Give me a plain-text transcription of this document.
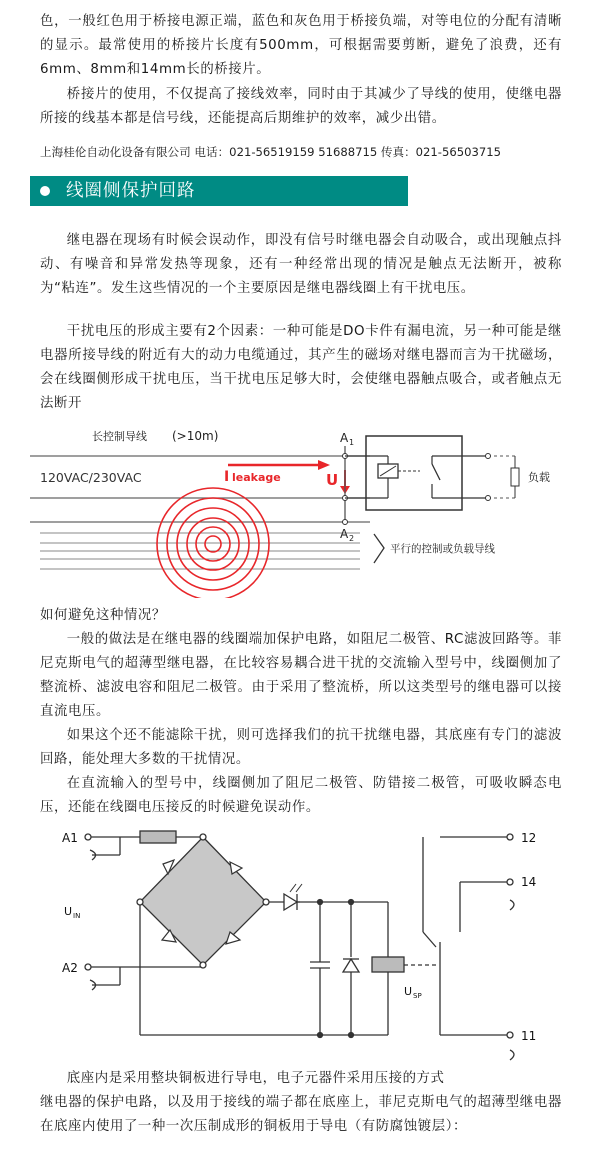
色，一般红色用于桥接电源正端，蓝色和灰色用于桥接负端，对等电位的分配有清晰的显示。最常使用的桥接片长度有500mm，可根据需要剪断，避免了浪费，还有6mm、8mm和14mm长的桥接片。

桥接片的使用，不仅提高了接线效率，同时由于其减少了导线的使用，使继电器所接的线基本都是信号线，还能提高后期维护的效率，减少出错。

上海桂伦自动化设备有限公司 电话：021-56519159 51688715 传真：021-56503715
线圈侧保护回路

继电器在现场有时候会误动作，即没有信号时继电器会自动吸合，或出现触点抖动、有噪音和异常发热等现象，还有一种经常出现的情况是触点无法断开，被称为“粘连”。发生这些情况的一个主要原因是继电器线圈上有干扰电压。

干扰电压的形成主要有2个因素：一种可能是DO卡件有漏电流，另一种可能是继电器所接导线的附近有大的动力电缆通过，其产生的磁场对继电器而言为干扰磁场，会在线圈侧形成干扰电压，当干扰电压足够大时，会使继电器触点吸合，或者触点无法断开

长控制导线 (>10m)
120VAC/230VAC
平行的控制或负载导线
I leakage	U
A 1
A 2
负载

如何避免这种情况？

一般的做法是在继电器的线圈端加保护电路，如阻尼二极管、RC滤波回路等。菲尼克斯电气的超薄型继电器，在比较容易耦合进干扰的交流输入型号中，线圈侧加了整流桥、滤波电容和阻尼二极管。由于采用了整流桥，所以这类型号的继电器可以接直流电压。

如果这个还不能滤除干扰，则可选择我们的抗干扰继电器，其底座有专门的滤波回路，能处理大多数的干扰情况。

在直流输入的型号中，线圈侧加了阻尼二极管、防错接二极管，可吸收瞬态电压，还能在线圈电压接反的时候避免误动作。

A1
A2
U IN
U SP
12
14
11

底座内是采用整块铜板进行导电，电子元器件采用压接的方式

继电器的保护电路，以及用于接线的端子都在底座上，菲尼克斯电气的超薄型继电器在底座内使用了一种一次压制成形的铜板用于导电（有防腐蚀镀层）：
